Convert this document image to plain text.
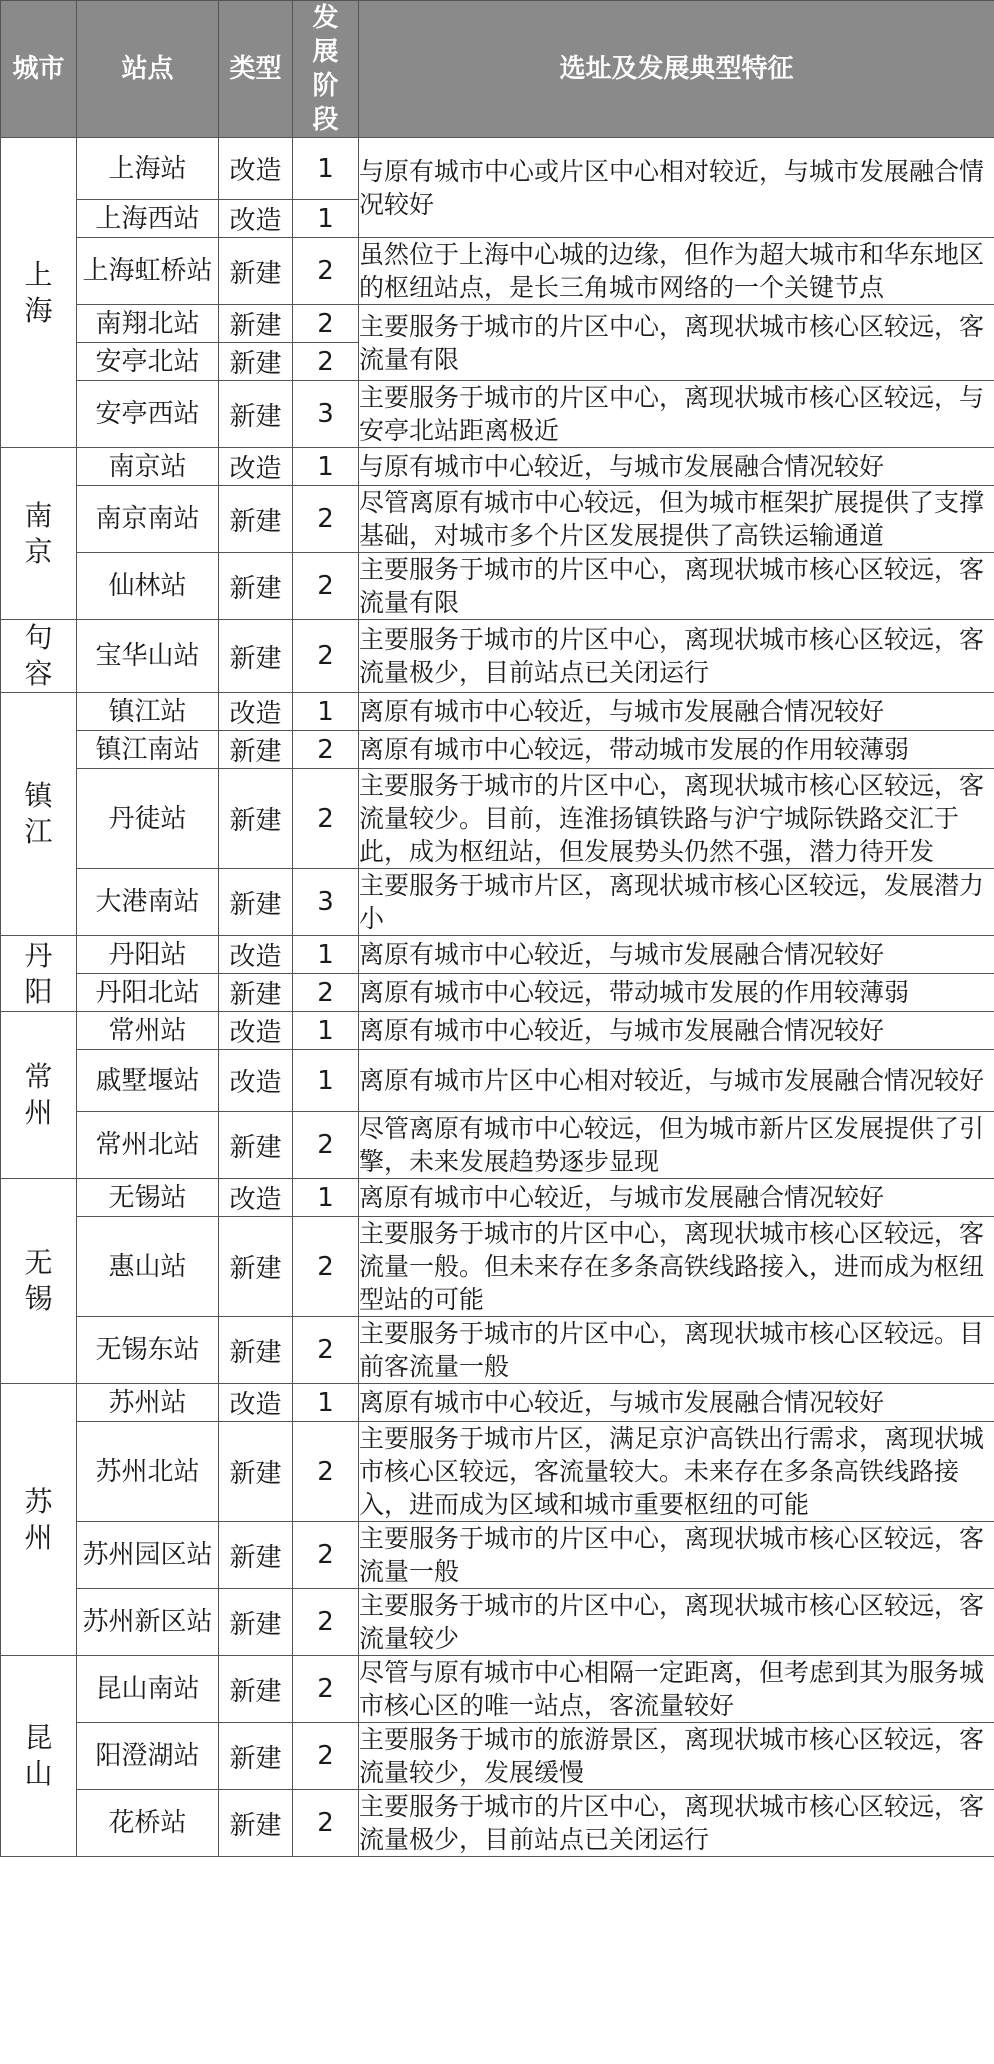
城市	站点	类型	发展阶段	选址及发展典型特征
上海	上海站	改造	1	与原有城市中心或片区中心相对较近，与城市发展融合情况较好
	上海西站	改造	1	
	上海虹桥站	新建	2	虽然位于上海中心城的边缘，但作为超大城市和华东地区的枢纽站点，是长三角城市网络的一个关键节点
	南翔北站	新建	2	主要服务于城市的片区中心，离现状城市核心区较远，客流量有限
	安亭北站	新建	2	
	安亭西站	新建	3	主要服务于城市的片区中心，离现状城市核心区较远，与安亭北站距离极近
南京	南京站	改造	1	与原有城市中心较近，与城市发展融合情况较好
	南京南站	新建	2	尽管离原有城市中心较远，但为城市框架扩展提供了支撑基础，对城市多个片区发展提供了高铁运输通道
	仙林站	新建	2	主要服务于城市的片区中心，离现状城市核心区较远，客流量有限
句容	宝华山站	新建	2	主要服务于城市的片区中心，离现状城市核心区较远，客流量极少，目前站点已关闭运行
镇江	镇江站	改造	1	离原有城市中心较近，与城市发展融合情况较好
	镇江南站	新建	2	离原有城市中心较远，带动城市发展的作用较薄弱
	丹徒站	新建	2	主要服务于城市的片区中心，离现状城市核心区较远，客流量较少。目前，连淮扬镇铁路与沪宁城际铁路交汇于此，成为枢纽站，但发展势头仍然不强，潜力待开发
	大港南站	新建	3	主要服务于城市片区，离现状城市核心区较远，发展潜力小
丹阳	丹阳站	改造	1	离原有城市中心较近，与城市发展融合情况较好
	丹阳北站	新建	2	离原有城市中心较远，带动城市发展的作用较薄弱
常州	常州站	改造	1	离原有城市中心较近，与城市发展融合情况较好
	戚墅堰站	改造	1	离原有城市片区中心相对较近，与城市发展融合情况较好
	常州北站	新建	2	尽管离原有城市中心较远，但为城市新片区发展提供了引擎，未来发展趋势逐步显现
无锡	无锡站	改造	1	离原有城市中心较近，与城市发展融合情况较好
	惠山站	新建	2	主要服务于城市的片区中心，离现状城市核心区较远，客流量一般。但未来存在多条高铁线路接入，进而成为枢纽型站的可能
	无锡东站	新建	2	主要服务于城市的片区中心，离现状城市核心区较远。目前客流量一般
苏州	苏州站	改造	1	离原有城市中心较近，与城市发展融合情况较好
	苏州北站	新建	2	主要服务于城市片区，满足京沪高铁出行需求，离现状城市核心区较远，客流量较大。未来存在多条高铁线路接入，进而成为区域和城市重要枢纽的可能
	苏州园区站	新建	2	主要服务于城市的片区中心，离现状城市核心区较远，客流量一般
	苏州新区站	新建	2	主要服务于城市的片区中心，离现状城市核心区较远，客流量较少
昆山	昆山南站	新建	2	尽管与原有城市中心相隔一定距离，但考虑到其为服务城市核心区的唯一站点，客流量较好
	阳澄湖站	新建	2	主要服务于城市的旅游景区，离现状城市核心区较远，客流量较少，发展缓慢
	花桥站	新建	2	主要服务于城市的片区中心，离现状城市核心区较远，客流量极少，目前站点已关闭运行
